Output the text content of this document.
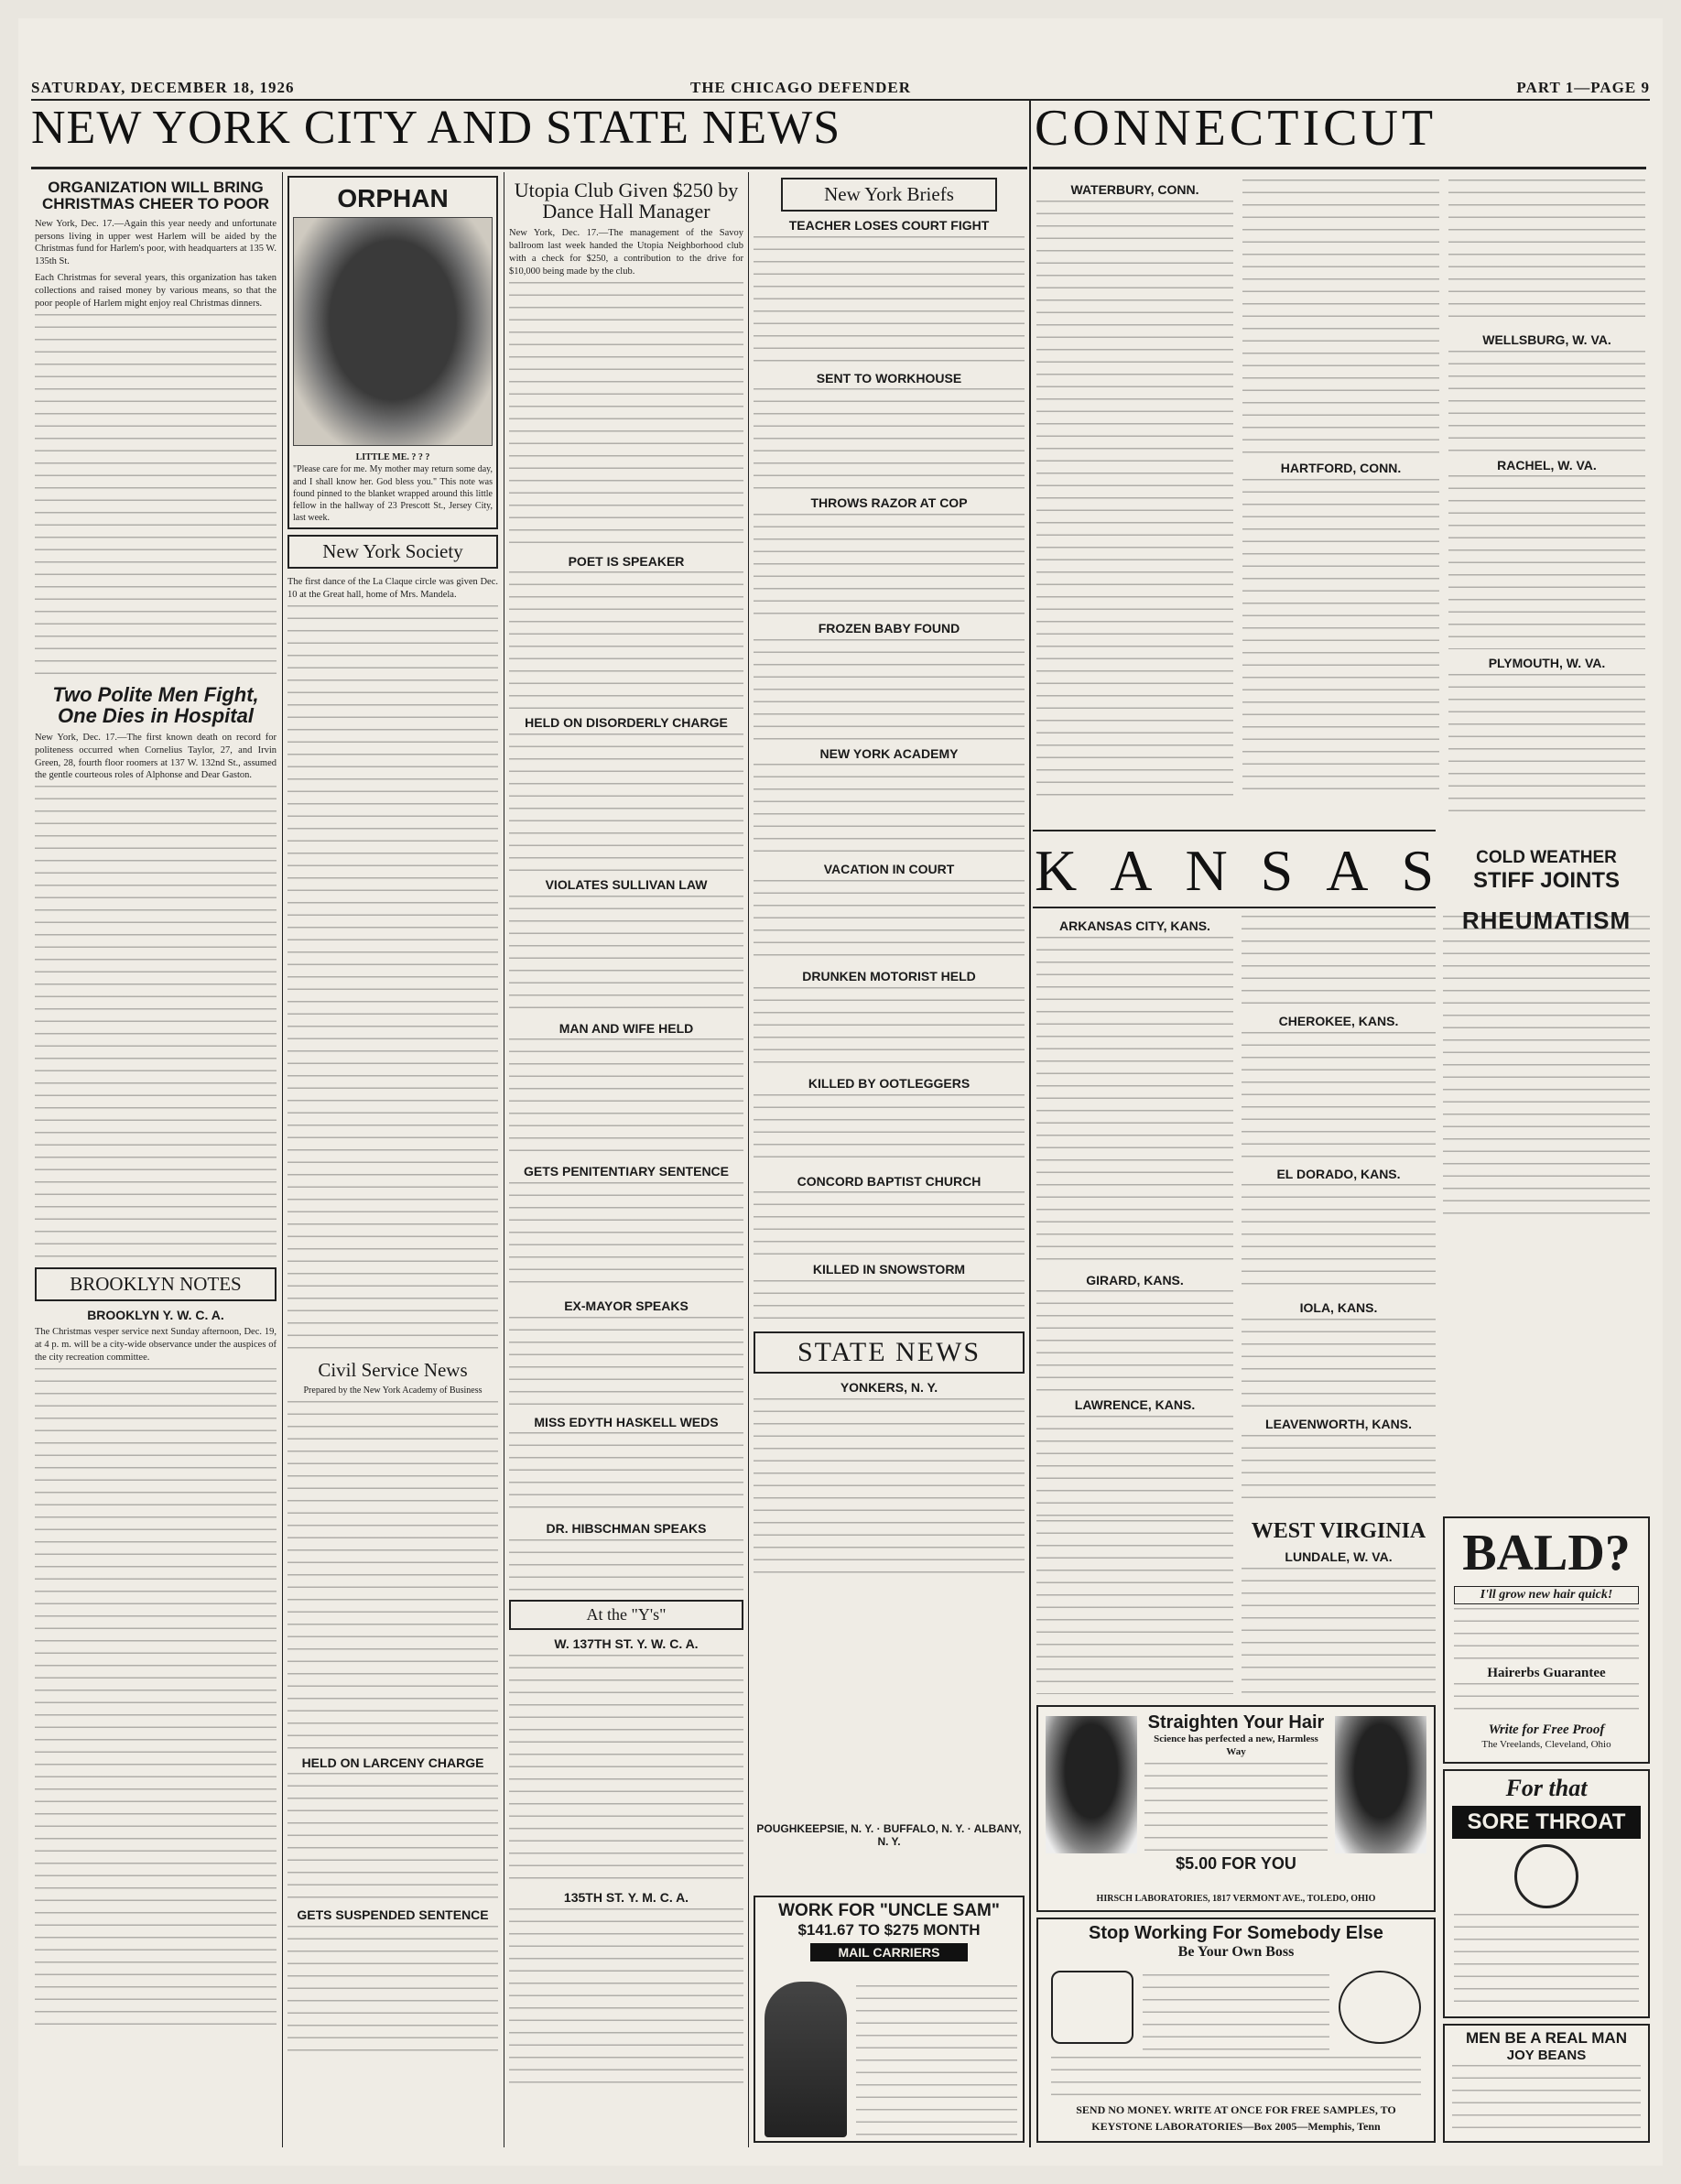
SATURDAY, DECEMBER 18, 1926	THE CHICAGO DEFENDER	PART 1—PAGE 9
NEW YORK CITY AND STATE NEWS	CONNECTICUT
ORGANIZATION WILL BRING CHRISTMAS CHEER TO POOR

New York, Dec. 17.—Again this year needy and unfortunate persons living in upper west Harlem will be aided by the Christmas fund for Harlem's poor, with headquarters at 135 W. 135th St.

Each Christmas for several years, this organization has taken collections and raised money by various means, so that the poor people of Harlem might enjoy real Christmas dinners.

Two Polite Men Fight, One Dies in Hospital

New York, Dec. 17.—The first known death on record for politeness occurred when Cornelius Taylor, 27, and Irvin Green, 28, fourth floor roomers at 137 W. 132nd St., assumed the gentle courteous roles of Alphonse and Dear Gaston.

BROOKLYN NOTES
BROOKLYN Y. W. C. A.

The Christmas vesper service next Sunday afternoon, Dec. 19, at 4 p. m. will be a city-wide observance under the auspices of the city recreation committee.

ORPHAN
LITTLE ME. ? ? ?

"Please care for me. My mother may return some day, and I shall know her. God bless you." This note was found pinned to the blanket wrapped around this little fellow in the hallway of 23 Prescott St., Jersey City, last week.

New York Society

The first dance of the La Claque circle was given Dec. 10 at the Great hall, home of Mrs. Mandela.

Civil Service News
Prepared by the New York Academy of Business
HELD ON LARCENY CHARGE
GETS SUSPENDED SENTENCE
Utopia Club Given $250 by Dance Hall Manager

New York, Dec. 17.—The management of the Savoy ballroom last week handed the Utopia Neighborhood club with a check for $250, a contribution to the drive for $10,000 being made by the club.

POET IS SPEAKER
HELD ON DISORDERLY CHARGE
VIOLATES SULLIVAN LAW
MAN AND WIFE HELD
GETS PENITENTIARY SENTENCE
EX-MAYOR SPEAKS
MISS EDYTH HASKELL WEDS
DR. HIBSCHMAN SPEAKS
At the "Y's"
W. 137TH ST. Y. W. C. A.
135TH ST. Y. M. C. A.
New York Briefs
TEACHER LOSES COURT FIGHT
SENT TO WORKHOUSE
THROWS RAZOR AT COP
FROZEN BABY FOUND
NEW YORK ACADEMY
VACATION IN COURT
DRUNKEN MOTORIST HELD
KILLED BY OOTLEGGERS
CONCORD BAPTIST CHURCH
KILLED IN SNOWSTORM
STATE NEWS
YONKERS, N. Y.
WATERBURY, CONN.
HARTFORD, CONN.
WELLSBURG, W. VA.
RACHEL, W. VA.
PLYMOUTH, W. VA.
KANSAS
ARKANSAS CITY, KANS.
GIRARD, KANS.
LAWRENCE, KANS.
CHEROKEE, KANS.
EL DORADO, KANS.
IOLA, KANS.
LEAVENWORTH, KANS.
WEST VIRGINIA
LUNDALE, W. VA.
COLD WEATHER
STIFF JOINTS
RHEUMATISM
BALD?
I'll grow new hair quick!
Hairerbs Guarantee
Write for Free Proof
The Vreelands, Cleveland, Ohio
For that
SORE THROAT
MEN BE A REAL MAN
JOY BEANS
WORK FOR "UNCLE SAM"
$141.67 TO $275 MONTH
MAIL CARRIERS
Straighten Your Hair
Science has perfected a new, Harmless Way
$5.00 FOR YOU
HIRSCH LABORATORIES, 1817 VERMONT AVE., TOLEDO, OHIO
Stop Working For Somebody Else
Be Your Own Boss
SEND NO MONEY. WRITE AT ONCE FOR FREE SAMPLES, TO
KEYSTONE LABORATORIES—Box 2005—Memphis, Tenn
POUGHKEEPSIE, N. Y. · BUFFALO, N. Y. · ALBANY, N. Y.
